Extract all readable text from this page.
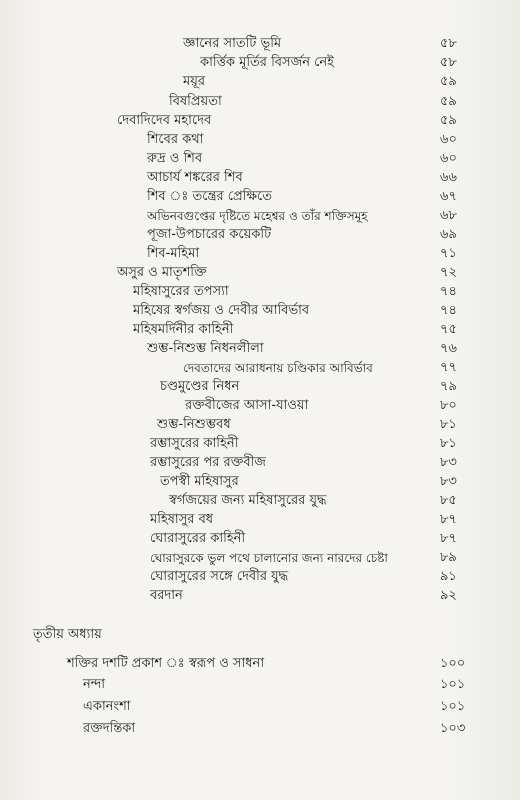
জ্ঞানের সাতটি ভূমি	৫৮
কার্ত্তিক মূর্তির বিসর্জন নেই	৫৮
ময়ূর	৫৯
বিষপ্রিয়তা	৫৯
দেবাদিদেব মহাদেব	৫৯
শিবের কথা	৬০
রুদ্র ও শিব	৬০
আচার্য শঙ্করের শিব	৬৬
শিব ঃ তন্ত্রের প্রেক্ষিতে	৬৭
অভিনবগুপ্তের দৃষ্টিতে মহেশ্বর ও তাঁর শক্তিসমূহ	৬৮
পূজা-উপচারের কয়েকটি	৬৯
শিব-মহিমা	৭১
অসুর ও মাতৃশক্তি	৭২
মহিষাসুরের তপস্যা	৭৪
মহিষের স্বর্গজয় ও দেবীর আবির্ভাব	৭৪
মহিষমর্দিনীর কাহিনী	৭৫
শুম্ভ-নিশুম্ভ নিধনলীলা	৭৬
দেবতাদের আরাধনায় চণ্ডিকার আবির্ভাব	৭৭
চণ্ডমুণ্ডের নিধন	৭৯
রক্তবীজের আসা-যাওয়া	৮০
শুম্ভ-নিশুম্ভবধ	৮১
রম্ভাসুরের কাহিনী	৮১
রম্ভাসুরের পর রক্তবীজ	৮৩
তপস্বী মহিষাসুর	৮৩
স্বর্গজয়ের জন্য মহিষাসুরের যুদ্ধ	৮৫
মহিষাসুর বধ	৮৭
ঘোরাসুরের কাহিনী	৮৭
ঘোরাসুরকে ভুল পথে চালানোর জন্য নারদের চেষ্টা	৮৯
ঘোরাসুরের সঙ্গে দেবীর যুদ্ধ	৯১
বরদান	৯২
তৃতীয় অধ্যায়
শক্তির দশটি প্রকাশ ঃ স্বরূপ ও সাধনা	১০০
নন্দা	১০১
একানংশা	১০১
রক্তদন্তিকা	১০৩
